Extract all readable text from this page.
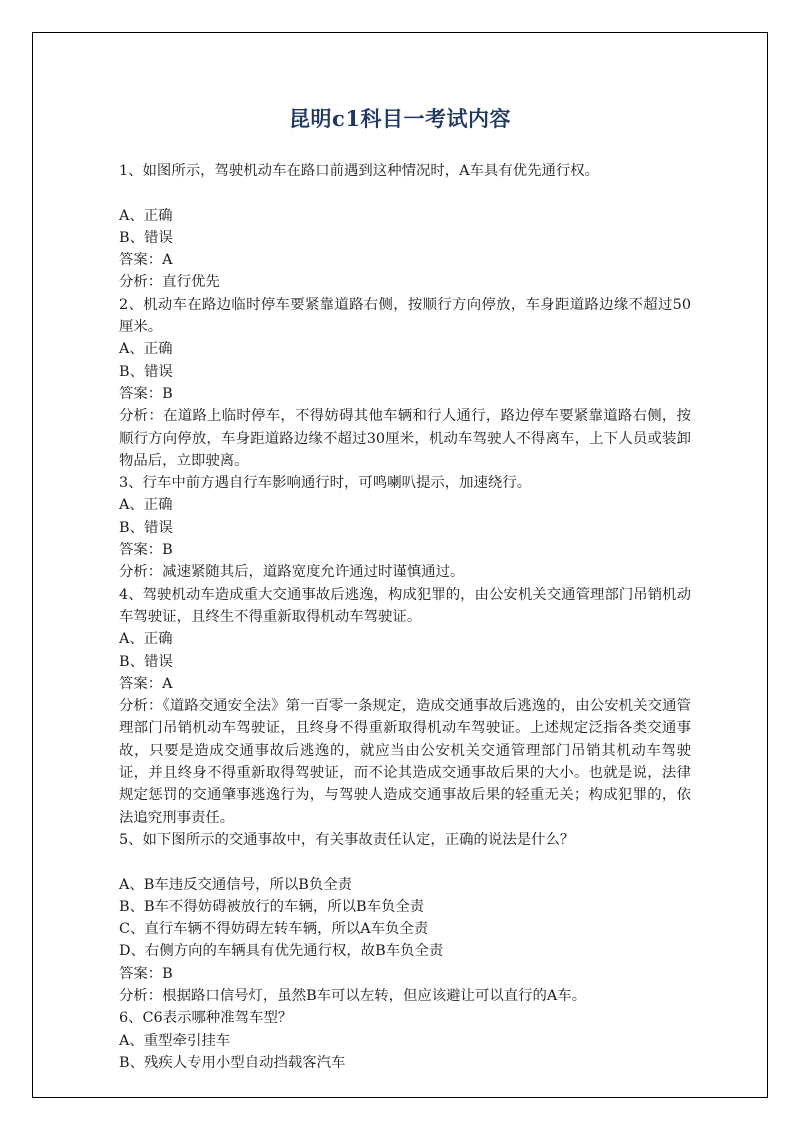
昆明c1科目一考试内容
1、如图所示，驾驶机动车在路口前遇到这种情况时，A车具有优先通行权。
A、正确
B、错误
答案：A
分析：直行优先
2、机动车在路边临时停车要紧靠道路右侧，按顺行方向停放，车身距道路边缘不超过50厘米。
A、正确
B、错误
答案：B
分析：在道路上临时停车，不得妨碍其他车辆和行人通行，路边停车要紧靠道路右侧，按顺行方向停放，车身距道路边缘不超过30厘米，机动车驾驶人不得离车，上下人员或装卸物品后，立即驶离。
3、行车中前方遇自行车影响通行时，可鸣喇叭提示，加速绕行。
A、正确
B、错误
答案：B
分析：减速紧随其后，道路宽度允许通过时谨慎通过。
4、驾驶机动车造成重大交通事故后逃逸，构成犯罪的，由公安机关交通管理部门吊销机动车驾驶证，且终生不得重新取得机动车驾驶证。
A、正确
B、错误
答案：A
分析：《道路交通安全法》第一百零一条规定，造成交通事故后逃逸的，由公安机关交通管理部门吊销机动车驾驶证，且终身不得重新取得机动车驾驶证。上述规定泛指各类交通事故，只要是造成交通事故后逃逸的，就应当由公安机关交通管理部门吊销其机动车驾驶证，并且终身不得重新取得驾驶证，而不论其造成交通事故后果的大小。也就是说，法律规定惩罚的交通肇事逃逸行为，与驾驶人造成交通事故后果的轻重无关；构成犯罪的，依法追究刑事责任。
5、如下图所示的交通事故中，有关事故责任认定，正确的说法是什么？
A、B车违反交通信号，所以B负全责
B、B车不得妨碍被放行的车辆，所以B车负全责
C、直行车辆不得妨碍左转车辆，所以A车负全责
D、右侧方向的车辆具有优先通行权，故B车负全责
答案：B
分析：根据路口信号灯，虽然B车可以左转，但应该避让可以直行的A车。
6、C6表示哪种准驾车型？
A、重型牵引挂车
B、残疾人专用小型自动挡载客汽车
